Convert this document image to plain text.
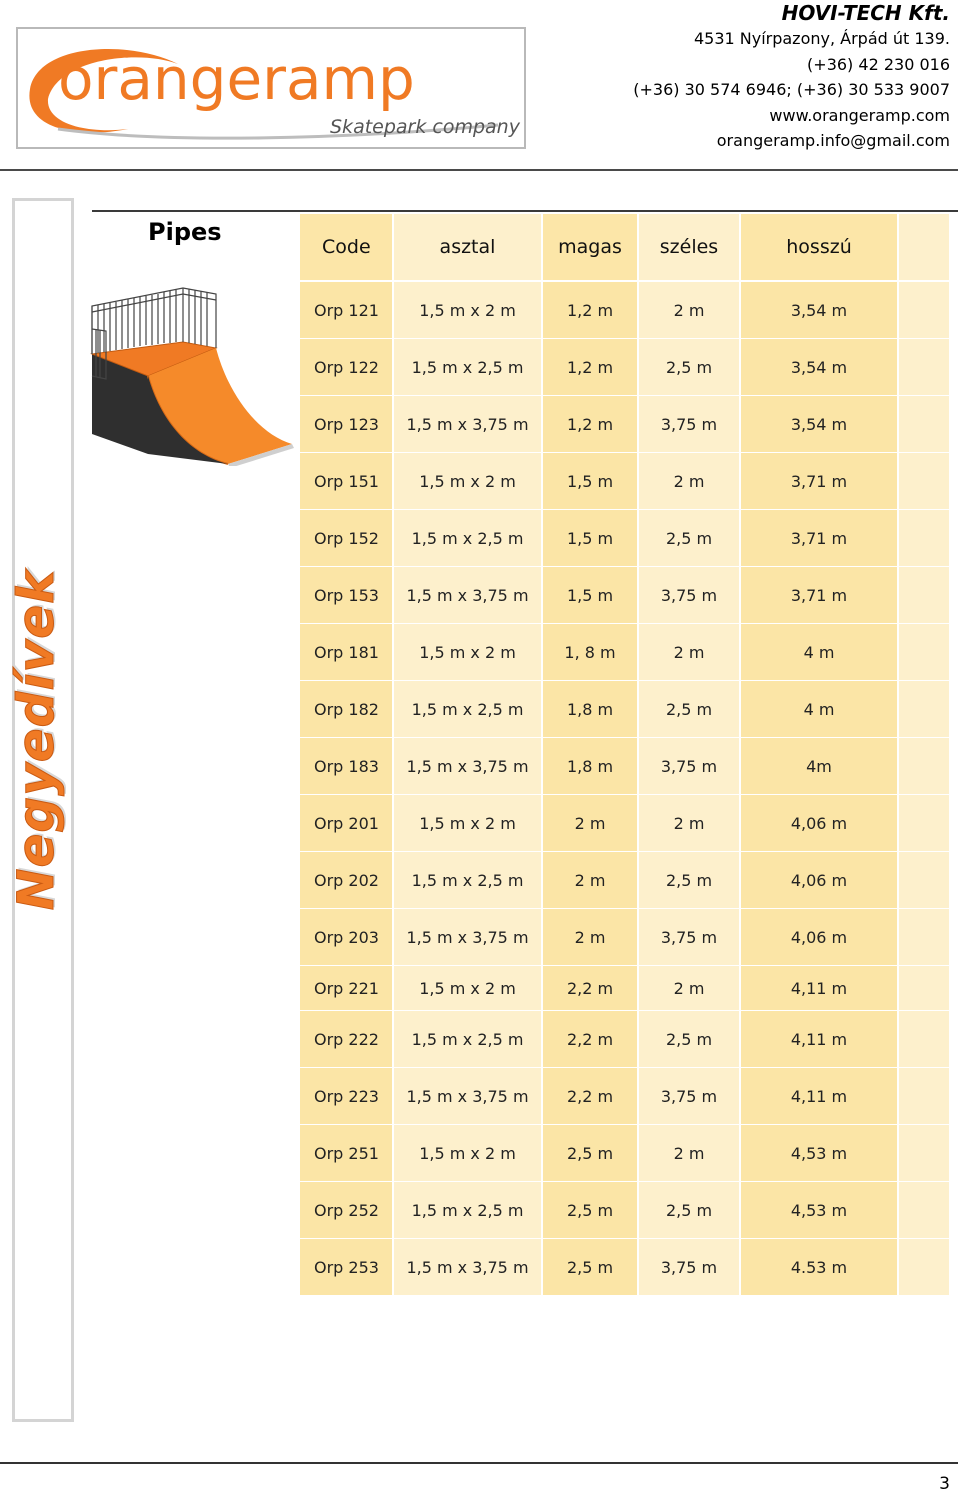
orangeramp
Skatepark company
HOVI-TECH Kft.
4531 Nyírpazony, Árpád út 139.
(+36) 42 230 016
(+36) 30 574 6946; (+36) 30 533 9007
www.orangeramp.com
orangeramp.info@gmail.com
Negyedívek
Pipes
Code	asztal	magas	széles	hosszú
Orp 121	1,5 m x 2 m	1,2 m	2 m	3,54 m
Orp 122	1,5 m x 2,5 m	1,2 m	2,5 m	3,54 m
Orp 123	1,5 m x 3,75 m	1,2 m	3,75 m	3,54 m
Orp 151	1,5 m x 2 m	1,5 m	2 m	3,71 m
Orp 152	1,5 m x 2,5 m	1,5 m	2,5 m	3,71 m
Orp 153	1,5 m x 3,75 m	1,5 m	3,75 m	3,71 m
Orp 181	1,5 m x 2 m	1, 8 m	2 m	4 m
Orp 182	1,5 m x 2,5 m	1,8 m	2,5 m	4 m
Orp 183	1,5 m x 3,75 m	1,8 m	3,75 m	4m
Orp 201	1,5 m x 2 m	2 m	2 m	4,06 m
Orp 202	1,5 m x 2,5 m	2 m	2,5 m	4,06 m
Orp 203	1,5 m x 3,75 m	2 m	3,75 m	4,06 m
Orp 221	1,5 m x 2 m	2,2 m	2 m	4,11 m
Orp 222	1,5 m x 2,5 m	2,2 m	2,5 m	4,11 m
Orp 223	1,5 m x 3,75 m	2,2 m	3,75 m	4,11 m
Orp 251	1,5 m x 2 m	2,5 m	2 m	4,53 m
Orp 252	1,5 m x 2,5 m	2,5 m	2,5 m	4,53 m
Orp 253	1,5 m x 3,75 m	2,5 m	3,75 m	4.53 m
3
